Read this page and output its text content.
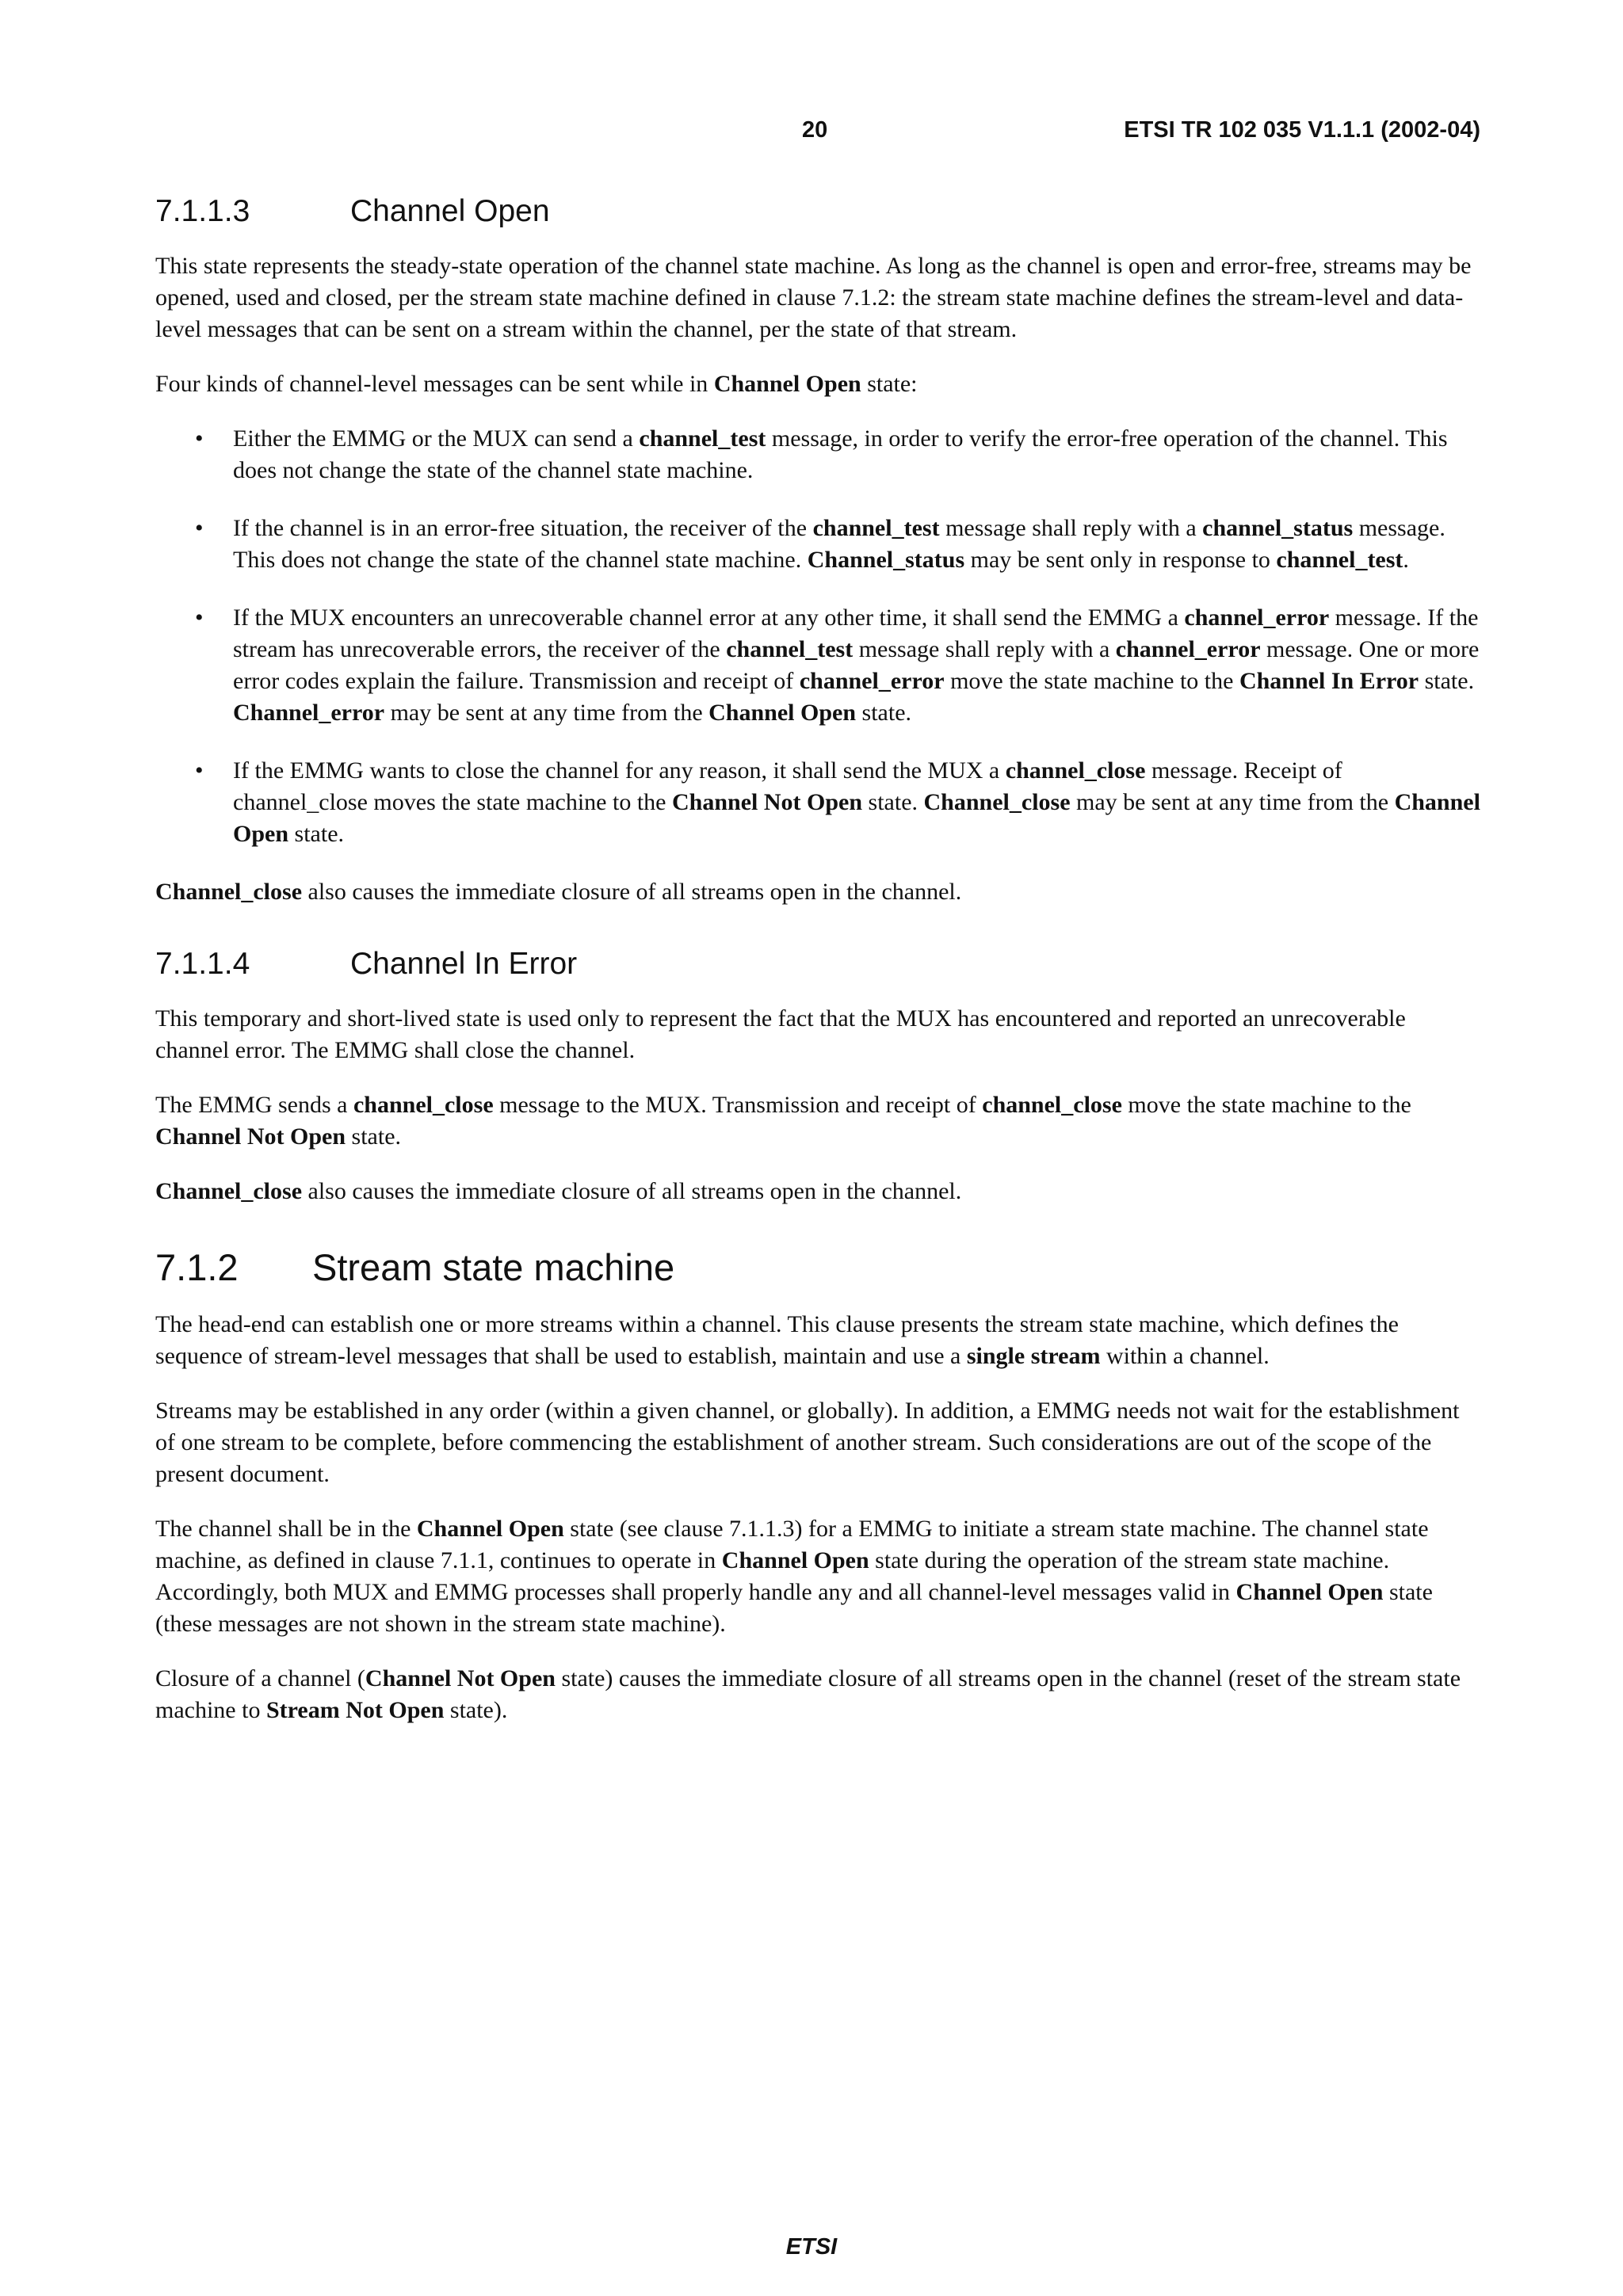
20	ETSI TR 102 035 V1.1.1 (2002-04)
7.1.1.3	Channel Open
This state represents the steady-state operation of the channel state machine. As long as the channel is open and error-free, streams may be opened, used and closed, per the stream state machine defined in clause 7.1.2: the stream state machine defines the stream-level and data-level messages that can be sent on a stream within the channel, per the state of that stream.
Four kinds of channel-level messages can be sent while in Channel Open state:
•	Either the EMMG or the MUX can send a channel_test message, in order to verify the error-free operation of the channel. This does not change the state of the channel state machine.
•	If the channel is in an error-free situation, the receiver of the channel_test message shall reply with a channel_status message. This does not change the state of the channel state machine. Channel_status may be sent only in response to channel_test.
•	If the MUX encounters an unrecoverable channel error at any other time, it shall send the EMMG a channel_error message. If the stream has unrecoverable errors, the receiver of the channel_test message shall reply with a channel_error message. One or more error codes explain the failure. Transmission and receipt of channel_error move the state machine to the Channel In Error state. Channel_error may be sent at any time from the Channel Open state.
•	If the EMMG wants to close the channel for any reason, it shall send the MUX a channel_close message. Receipt of channel_close moves the state machine to the Channel Not Open state. Channel_close may be sent at any time from the Channel Open state.
Channel_close also causes the immediate closure of all streams open in the channel.
7.1.1.4	Channel In Error
This temporary and short-lived state is used only to represent the fact that the MUX has encountered and reported an unrecoverable channel error. The EMMG shall close the channel.
The EMMG sends a channel_close message to the MUX. Transmission and receipt of channel_close move the state machine to the Channel Not Open state.
Channel_close also causes the immediate closure of all streams open in the channel.
7.1.2	Stream state machine
The head-end can establish one or more streams within a channel. This clause presents the stream state machine, which defines the sequence of stream-level messages that shall be used to establish, maintain and use a single stream within a channel.
Streams may be established in any order (within a given channel, or globally). In addition, a EMMG needs not wait for the establishment of one stream to be complete, before commencing the establishment of another stream. Such considerations are out of the scope of the present document.
The channel shall be in the Channel Open state (see clause 7.1.1.3) for a EMMG to initiate a stream state machine. The channel state machine, as defined in clause 7.1.1, continues to operate in Channel Open state during the operation of the stream state machine. Accordingly, both MUX and EMMG processes shall properly handle any and all channel-level messages valid in Channel Open state (these messages are not shown in the stream state machine).
Closure of a channel (Channel Not Open state) causes the immediate closure of all streams open in the channel (reset of the stream state machine to Stream Not Open state).
ETSI
